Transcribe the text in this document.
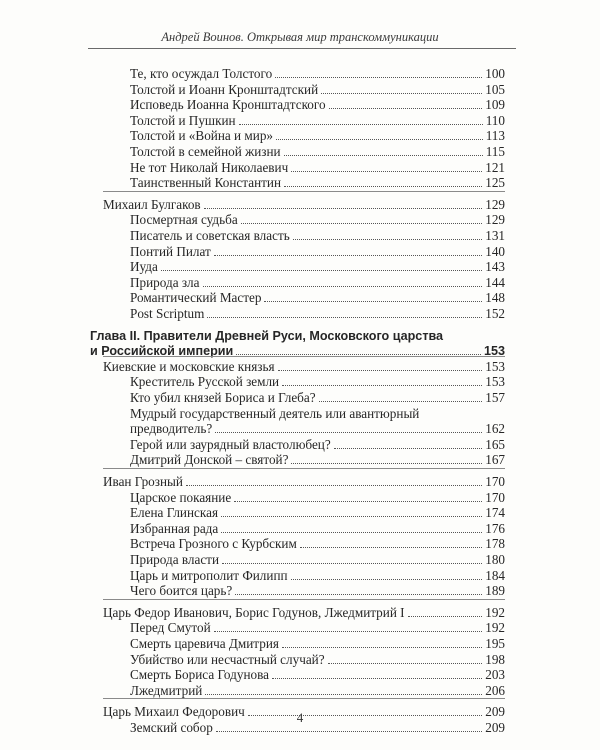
Андрей Воинов. Открывая мир транскоммуникации
Те, кто осуждал Толстого	100
Толстой и Иоанн Кронштадтский	105
Исповедь Иоанна Кронштадтского	109
Толстой и Пушкин	110
Толстой и «Война и мир»	113
Толстой в семейной жизни	115
Не тот Николай Николаевич	121
Таинственный Константин	125
Михаил Булгаков	129
Посмертная судьба	129
Писатель и советская власть	131
Понтий Пилат	140
Иуда	143
Природа зла	144
Романтический Мастер	148
Post Scriptum	152
Глава II. Правители Древней Руси, Московского царства
и Российской империи	153
Киевские и московские князья	153
Креститель Русской земли	153
Кто убил князей Бориса и Глеба?	157
Мудрый государственный деятель или авантюрный
предводитель?	162
Герой или заурядный властолюбец?	165
Дмитрий Донской – святой?	167
Иван Грозный	170
Царское покаяние	170
Елена Глинская	174
Избранная рада	176
Встреча Грозного с Курбским	178
Природа власти	180
Царь и митрополит Филипп	184
Чего боится царь?	189
Царь Федор Иванович, Борис Годунов, Лжедмитрий I	192
Перед Смутой	192
Смерть царевича Дмитрия	195
Убийство или несчастный случай?	198
Смерть Бориса Годунова	203
Лжедмитрий	206
Царь Михаил Федорович	209
Земский собор	209
4
